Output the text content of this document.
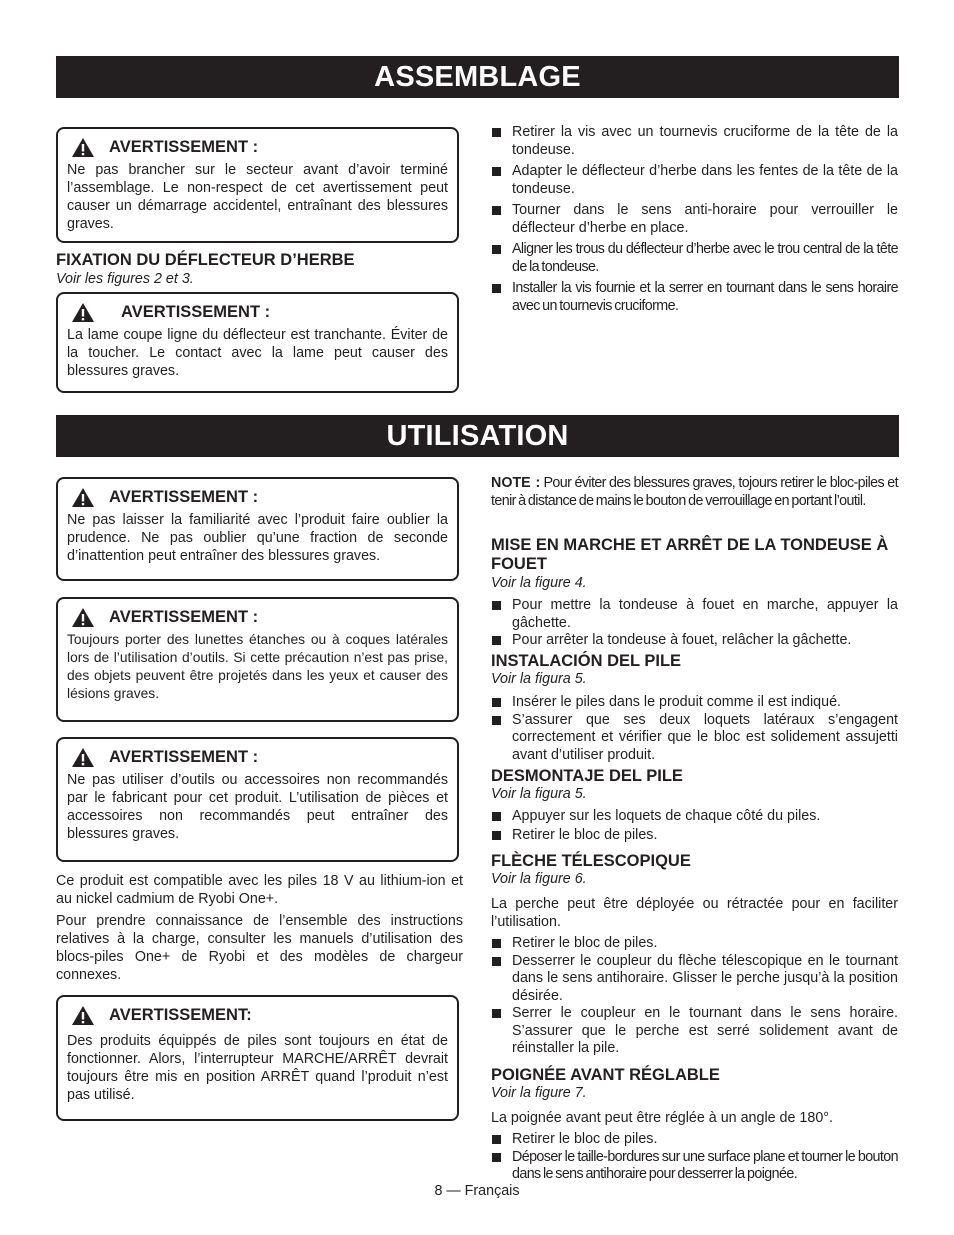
ASSEMBLAGE
AVERTISSEMENT :
Ne pas brancher sur le secteur avant d’avoir terminé l’assemblage. Le non-respect de cet avertissement peut causer un démarrage accidentel, entraînant des blessures graves.
FIXATION DU DÉFLECTEUR D’HERBE
Voir les figures 2 et 3.
AVERTISSEMENT :
La lame coupe ligne du déflecteur est tranchante. Éviter de la toucher. Le contact avec la lame peut causer des blessures graves.
Retirer la vis avec un tournevis cruciforme de la tête de la tondeuse.
Adapter le déflecteur d’herbe dans les fentes de la tête de la tondeuse.
Tourner dans le sens anti-horaire pour verrouiller le déflecteur d’herbe en place.
Aligner les trous du déflecteur d’herbe avec le trou central de la tête de la tondeuse.
Installer la vis fournie et la serrer en tournant dans le sens horaire avec un tournevis cruciforme.
UTILISATION
AVERTISSEMENT :
Ne pas laisser la familiarité avec l’produit faire oublier la prudence. Ne pas oublier qu’une fraction de seconde d’inattention peut entraîner des blessures graves.
AVERTISSEMENT :
Toujours porter des lunettes étanches ou à coques latérales lors de l’utilisation d’outils. Si cette précaution n’est pas prise, des objets peuvent être projetés dans les yeux et causer des lésions graves.
AVERTISSEMENT :
Ne pas utiliser d’outils ou accessoires non recommandés par le fabricant pour cet produit. L’utilisation de pièces et accessoires non recommandés peut entraîner des blessures graves.
Ce produit est compatible avec les piles 18 V au lithium-ion et au nickel cadmium de Ryobi One+.
Pour prendre connaissance de l’ensemble des instructions relatives à la charge, consulter les manuels d’utilisation des blocs-piles One+ de Ryobi et des modèles de chargeur connexes.
AVERTISSEMENT:
Des produits équippés de piles sont toujours en état de fonctionner. Alors, l’interrupteur MARCHE/ARRÊT devrait toujours être mis en position ARRÊT quand l’produit n’est pas utilisé.
NOTE : Pour éviter des blessures graves, tojours retirer le bloc-piles et tenir à distance de mains le bouton de verrouillage en portant l’outil.
MISE EN MARCHE ET ARRÊT DE LA TONDEUSE À FOUET
Voir la figure 4.
Pour mettre la tondeuse à fouet en marche, appuyer la gâchette.
Pour arrêter la tondeuse à fouet, relâcher la gâchette.
INSTALACIÓN DEL PILE
Voir la figura 5.
Insérer le piles dans le produit comme il est indiqué.
S’assurer que ses deux loquets latéraux s’engagent correctement et vérifier que le bloc est solidement assujetti avant d’utiliser produit.
DESMONTAJE DEL PILE
Voir la figura 5.
Appuyer sur les loquets de chaque côté du piles.
Retirer le bloc de piles.
FLÈCHE TÉLESCOPIQUE
Voir la figure 6.
La perche peut être déployée ou rétractée pour en faciliter l’utilisation.
Retirer le bloc de piles.
Desserrer le coupleur du flèche télescopique en le tournant dans le sens antihoraire. Glisser le perche jusqu’à la position désirée.
Serrer le coupleur en le tournant dans le sens horaire. S’assurer que le perche est serré solidement avant de réinstaller la pile.
POIGNÉE AVANT RÉGLABLE
Voir la figure 7.
La poignée avant peut être réglée à un angle de 180°.
Retirer le bloc de piles.
Déposer le taille-bordures sur une surface plane et tourner le bouton dans le sens antihoraire pour desserrer la poignée.
8 — Français
